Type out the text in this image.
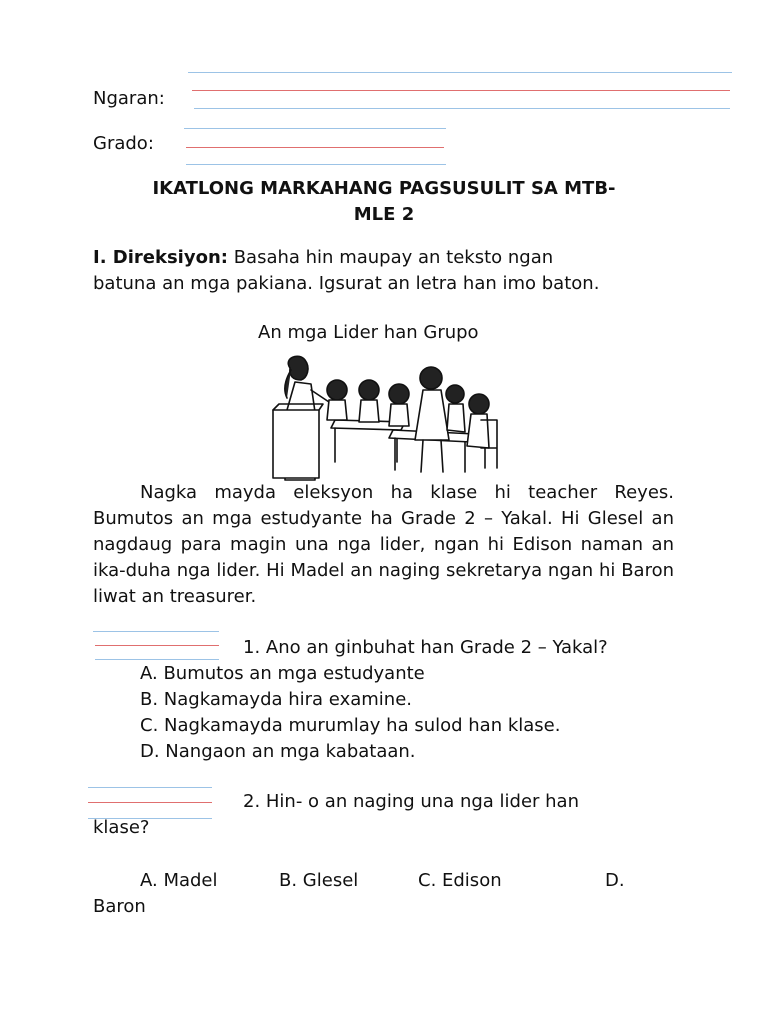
Ngaran:
Grado:
IKATLONG MARKAHANG PAGSUSULIT SA MTB-
MLE 2
I. Direksiyon: Basaha hin maupay an teksto ngan
batuna an mga pakiana. Igsurat an letra han imo baton.
An mga Lider han Grupo
Nagka mayda eleksyon ha klase hi teacher Reyes. Bumutos an mga estudyante ha Grade 2 – Yakal. Hi Glesel an nagdaug para magin una nga lider, ngan hi Edison naman an ika-duha nga lider. Hi Madel an naging sekretarya ngan hi Baron liwat an treasurer.
1. Ano an ginbuhat han Grade 2 – Yakal?
A. Bumutos an mga estudyante
B. Nagkamayda hira examine.
C. Nagkamayda murumlay ha sulod han klase.
D. Nangaon an mga kabataan.
klase?
2. Hin- o an naging una nga lider han
A. Madel	B. Glesel	C. Edison	D.
Baron
